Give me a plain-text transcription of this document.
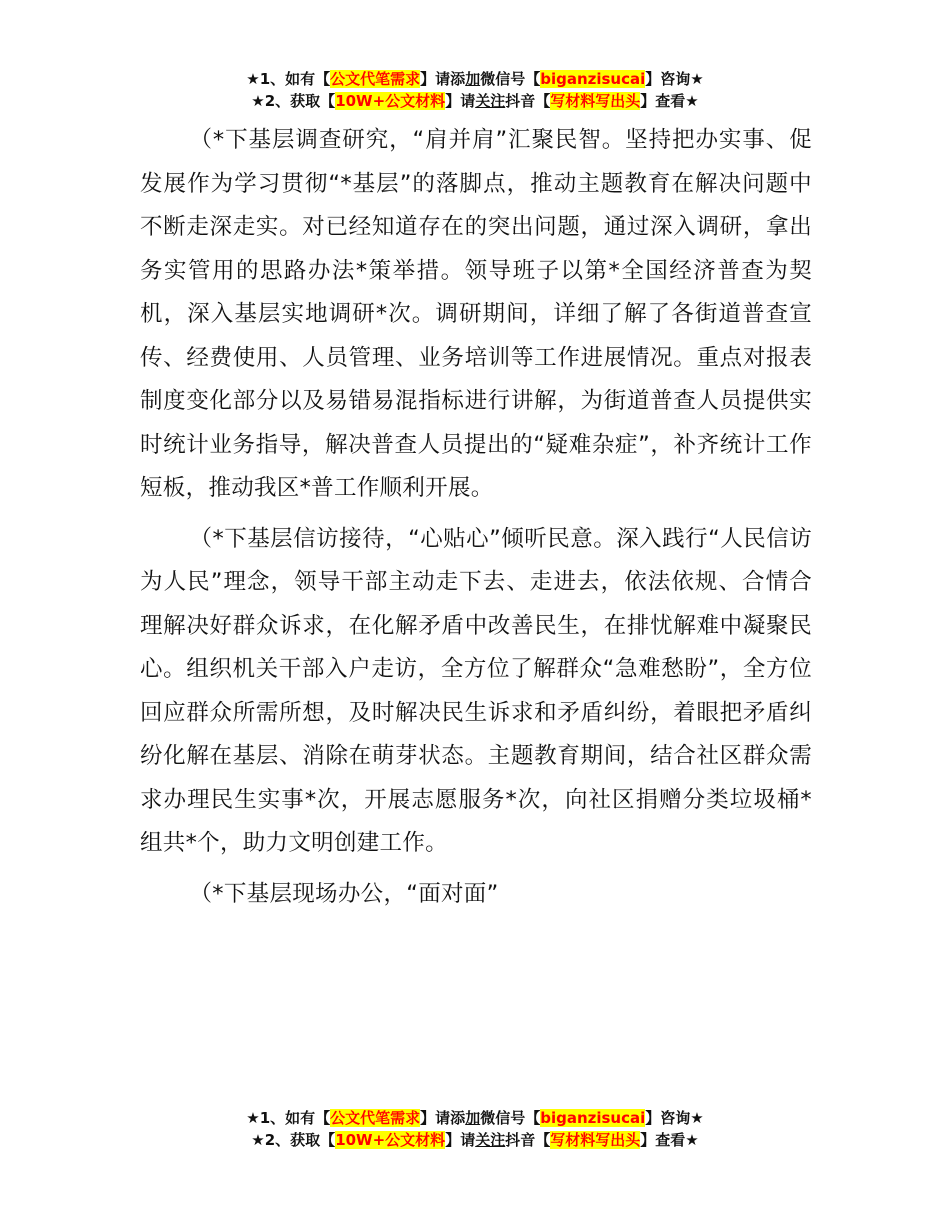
★1、如有【公文代笔需求】请添加微信号【biganzisucai】咨询★
★2、获取【10W+公文材料】请关注抖音【写材料写出头】查看★

（*下基层调查研究，“肩并肩”汇聚民智。坚持把办实事、促发展作为学习贯彻“*基层”的落脚点，推动主题教育在解决问题中不断走深走实。对已经知道存在的突出问题，通过深入调研，拿出务实管用的思路办法*策举措。领导班子以第*全国经济普查为契机，深入基层实地调研*次。调研期间，详细了解了各街道普查宣传、经费使用、人员管理、业务培训等工作进展情况。重点对报表制度变化部分以及易错易混指标进行讲解，为街道普查人员提供实时统计业务指导，解决普查人员提出的“疑难杂症”，补齐统计工作短板，推动我区*普工作顺利开展。

（*下基层信访接待，“心贴心”倾听民意。深入践行“人民信访为人民”理念，领导干部主动走下去、走进去，依法依规、合情合理解决好群众诉求，在化解矛盾中改善民生，在排忧解难中凝聚民心。组织机关干部入户走访，全方位了解群众“急难愁盼”，全方位回应群众所需所想，及时解决民生诉求和矛盾纠纷，着眼把矛盾纠纷化解在基层、消除在萌芽状态。主题教育期间，结合社区群众需求办理民生实事*次，开展志愿服务*次，向社区捐赠分类垃圾桶*组共*个，助力文明创建工作。

（*下基层现场办公，“面对面”

★1、如有【公文代笔需求】请添加微信号【biganzisucai】咨询★
★2、获取【10W+公文材料】请关注抖音【写材料写出头】查看★
